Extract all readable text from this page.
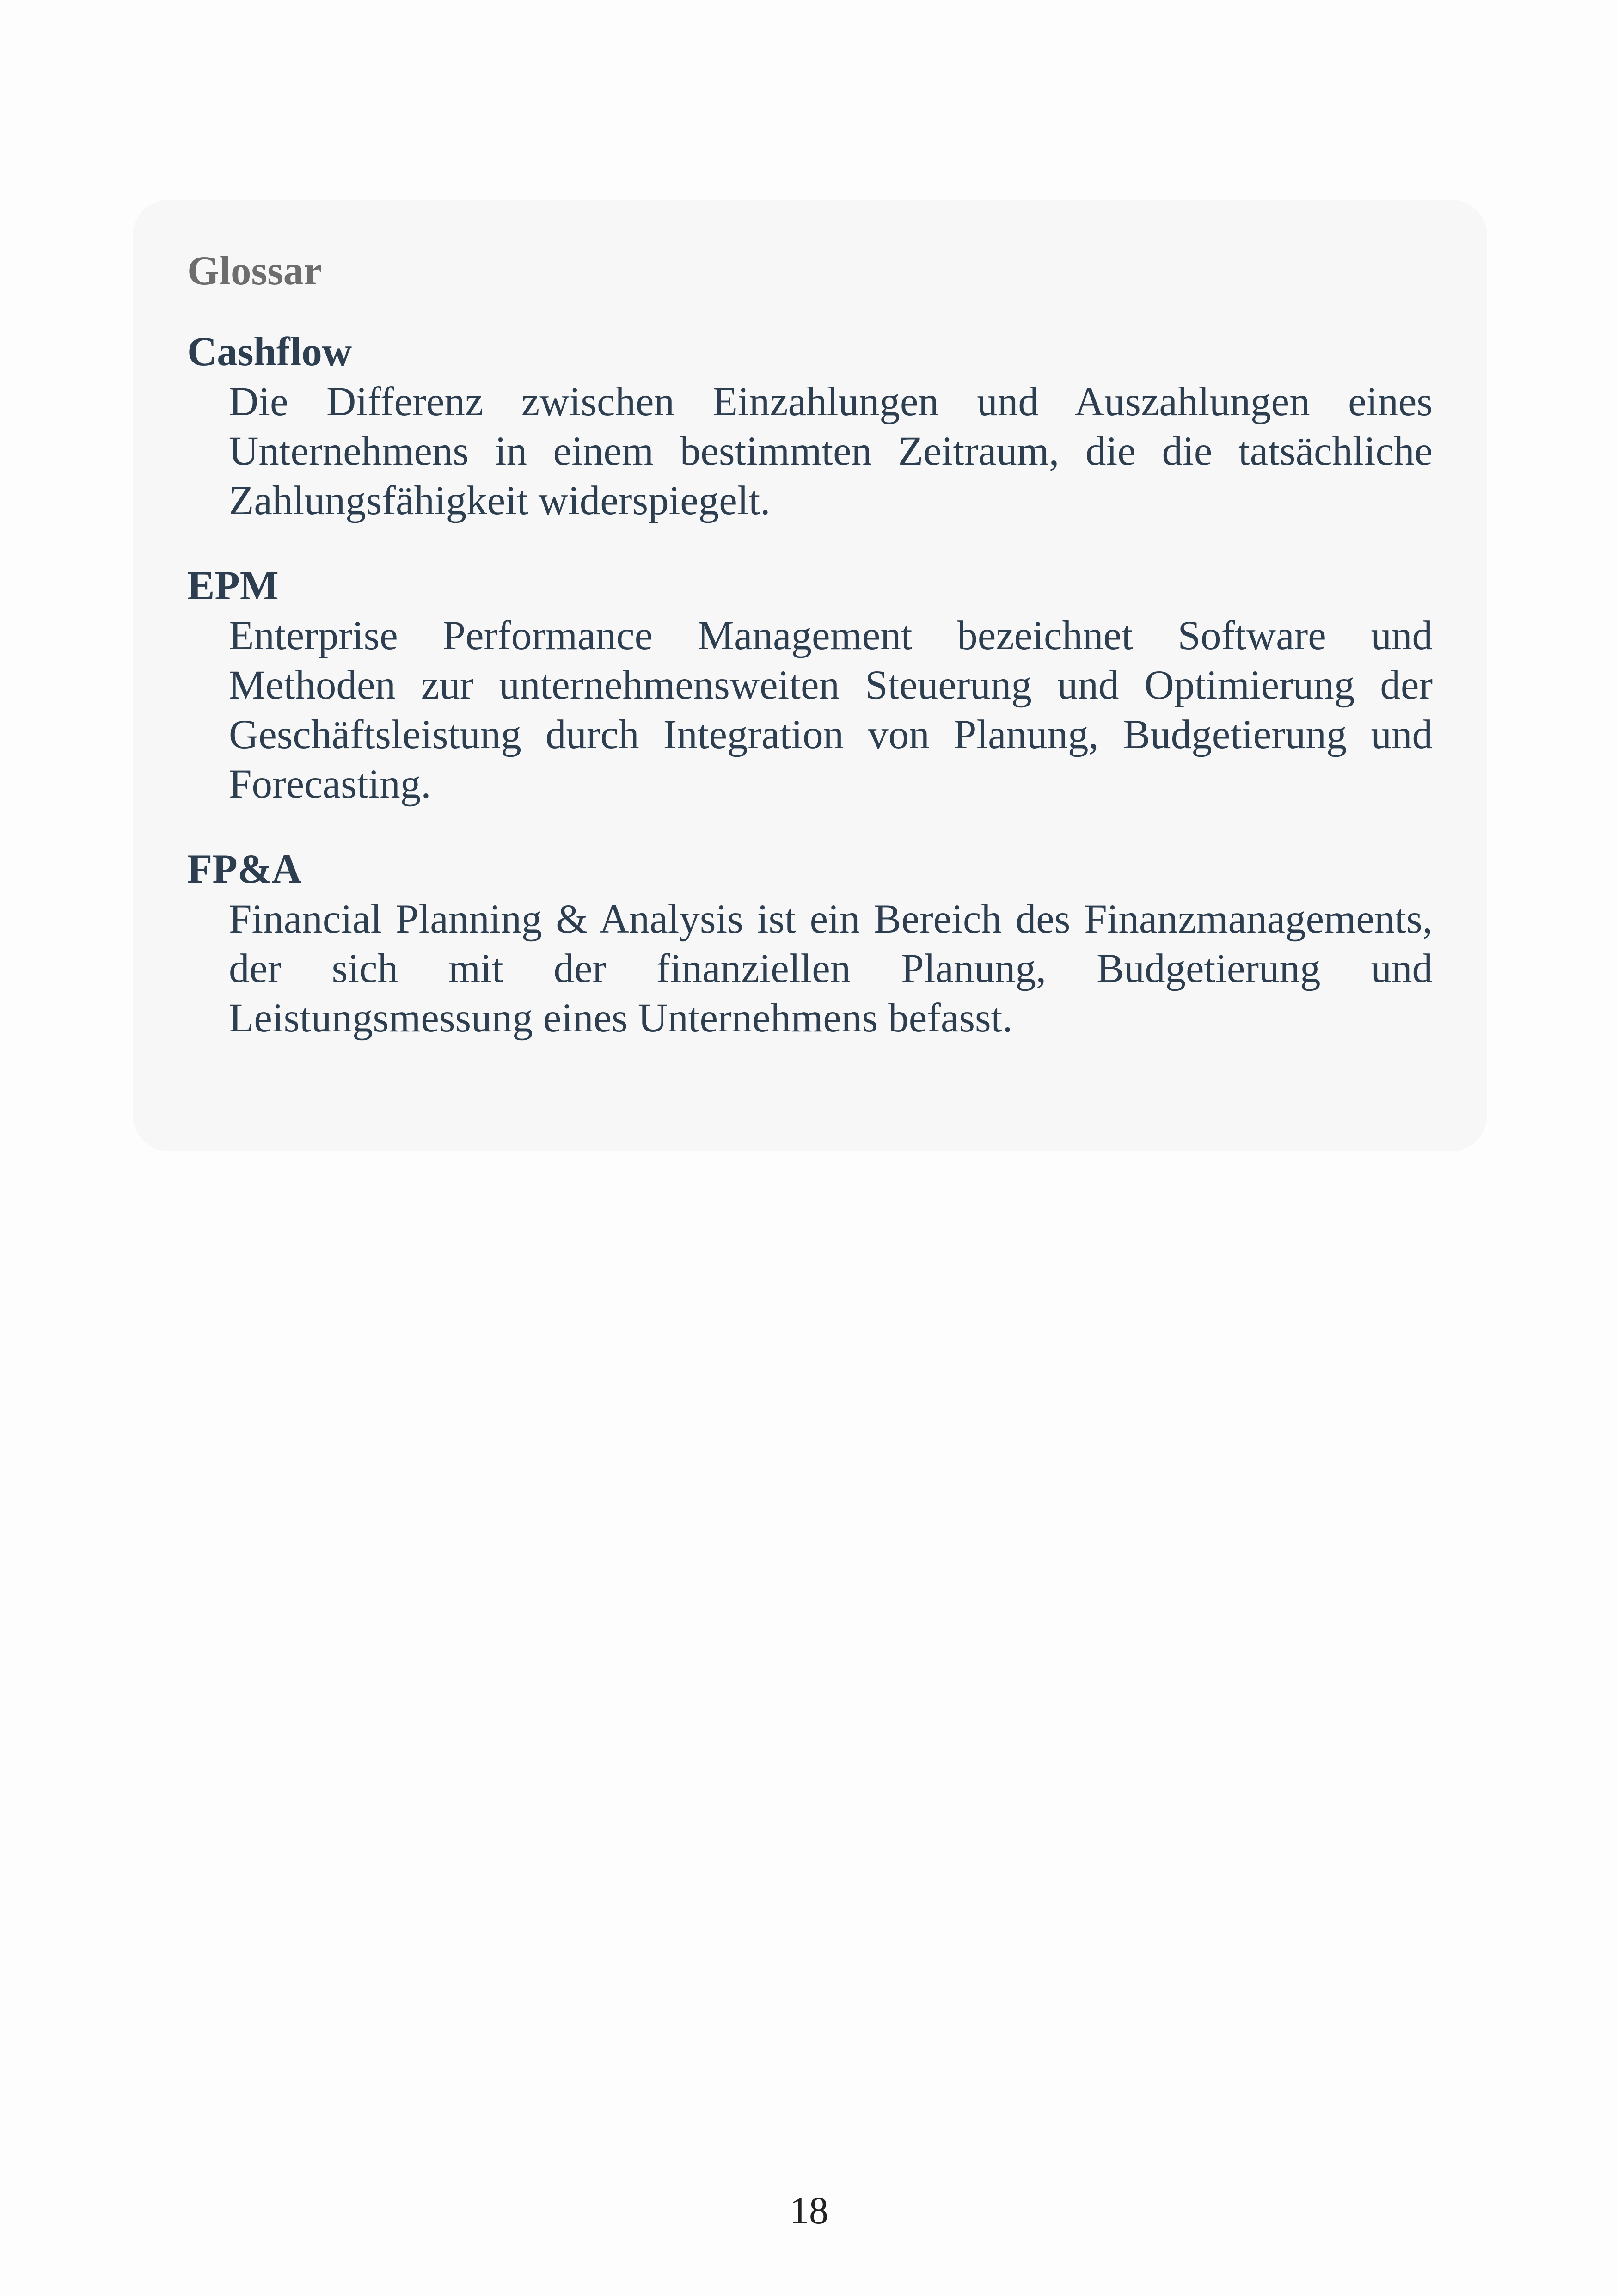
Glossar
Cashflow
Die Differenz zwischen Einzahlungen und Auszahlungen eines Unternehmens in einem bestimmten Zeitraum, die die tatsächliche Zahlungsfähigkeit widerspiegelt.
EPM
Enterprise Performance Management bezeichnet Software und Methoden zur unternehmensweiten Steuerung und Optimierung der Geschäftsleistung durch Integration von Planung, Budgetierung und Forecasting.
FP&A
Financial Planning & Analysis ist ein Bereich des Finanzmanagements, der sich mit der finanziellen Planung, Budgetierung und Leistungsmessung eines Unternehmens befasst.
18
